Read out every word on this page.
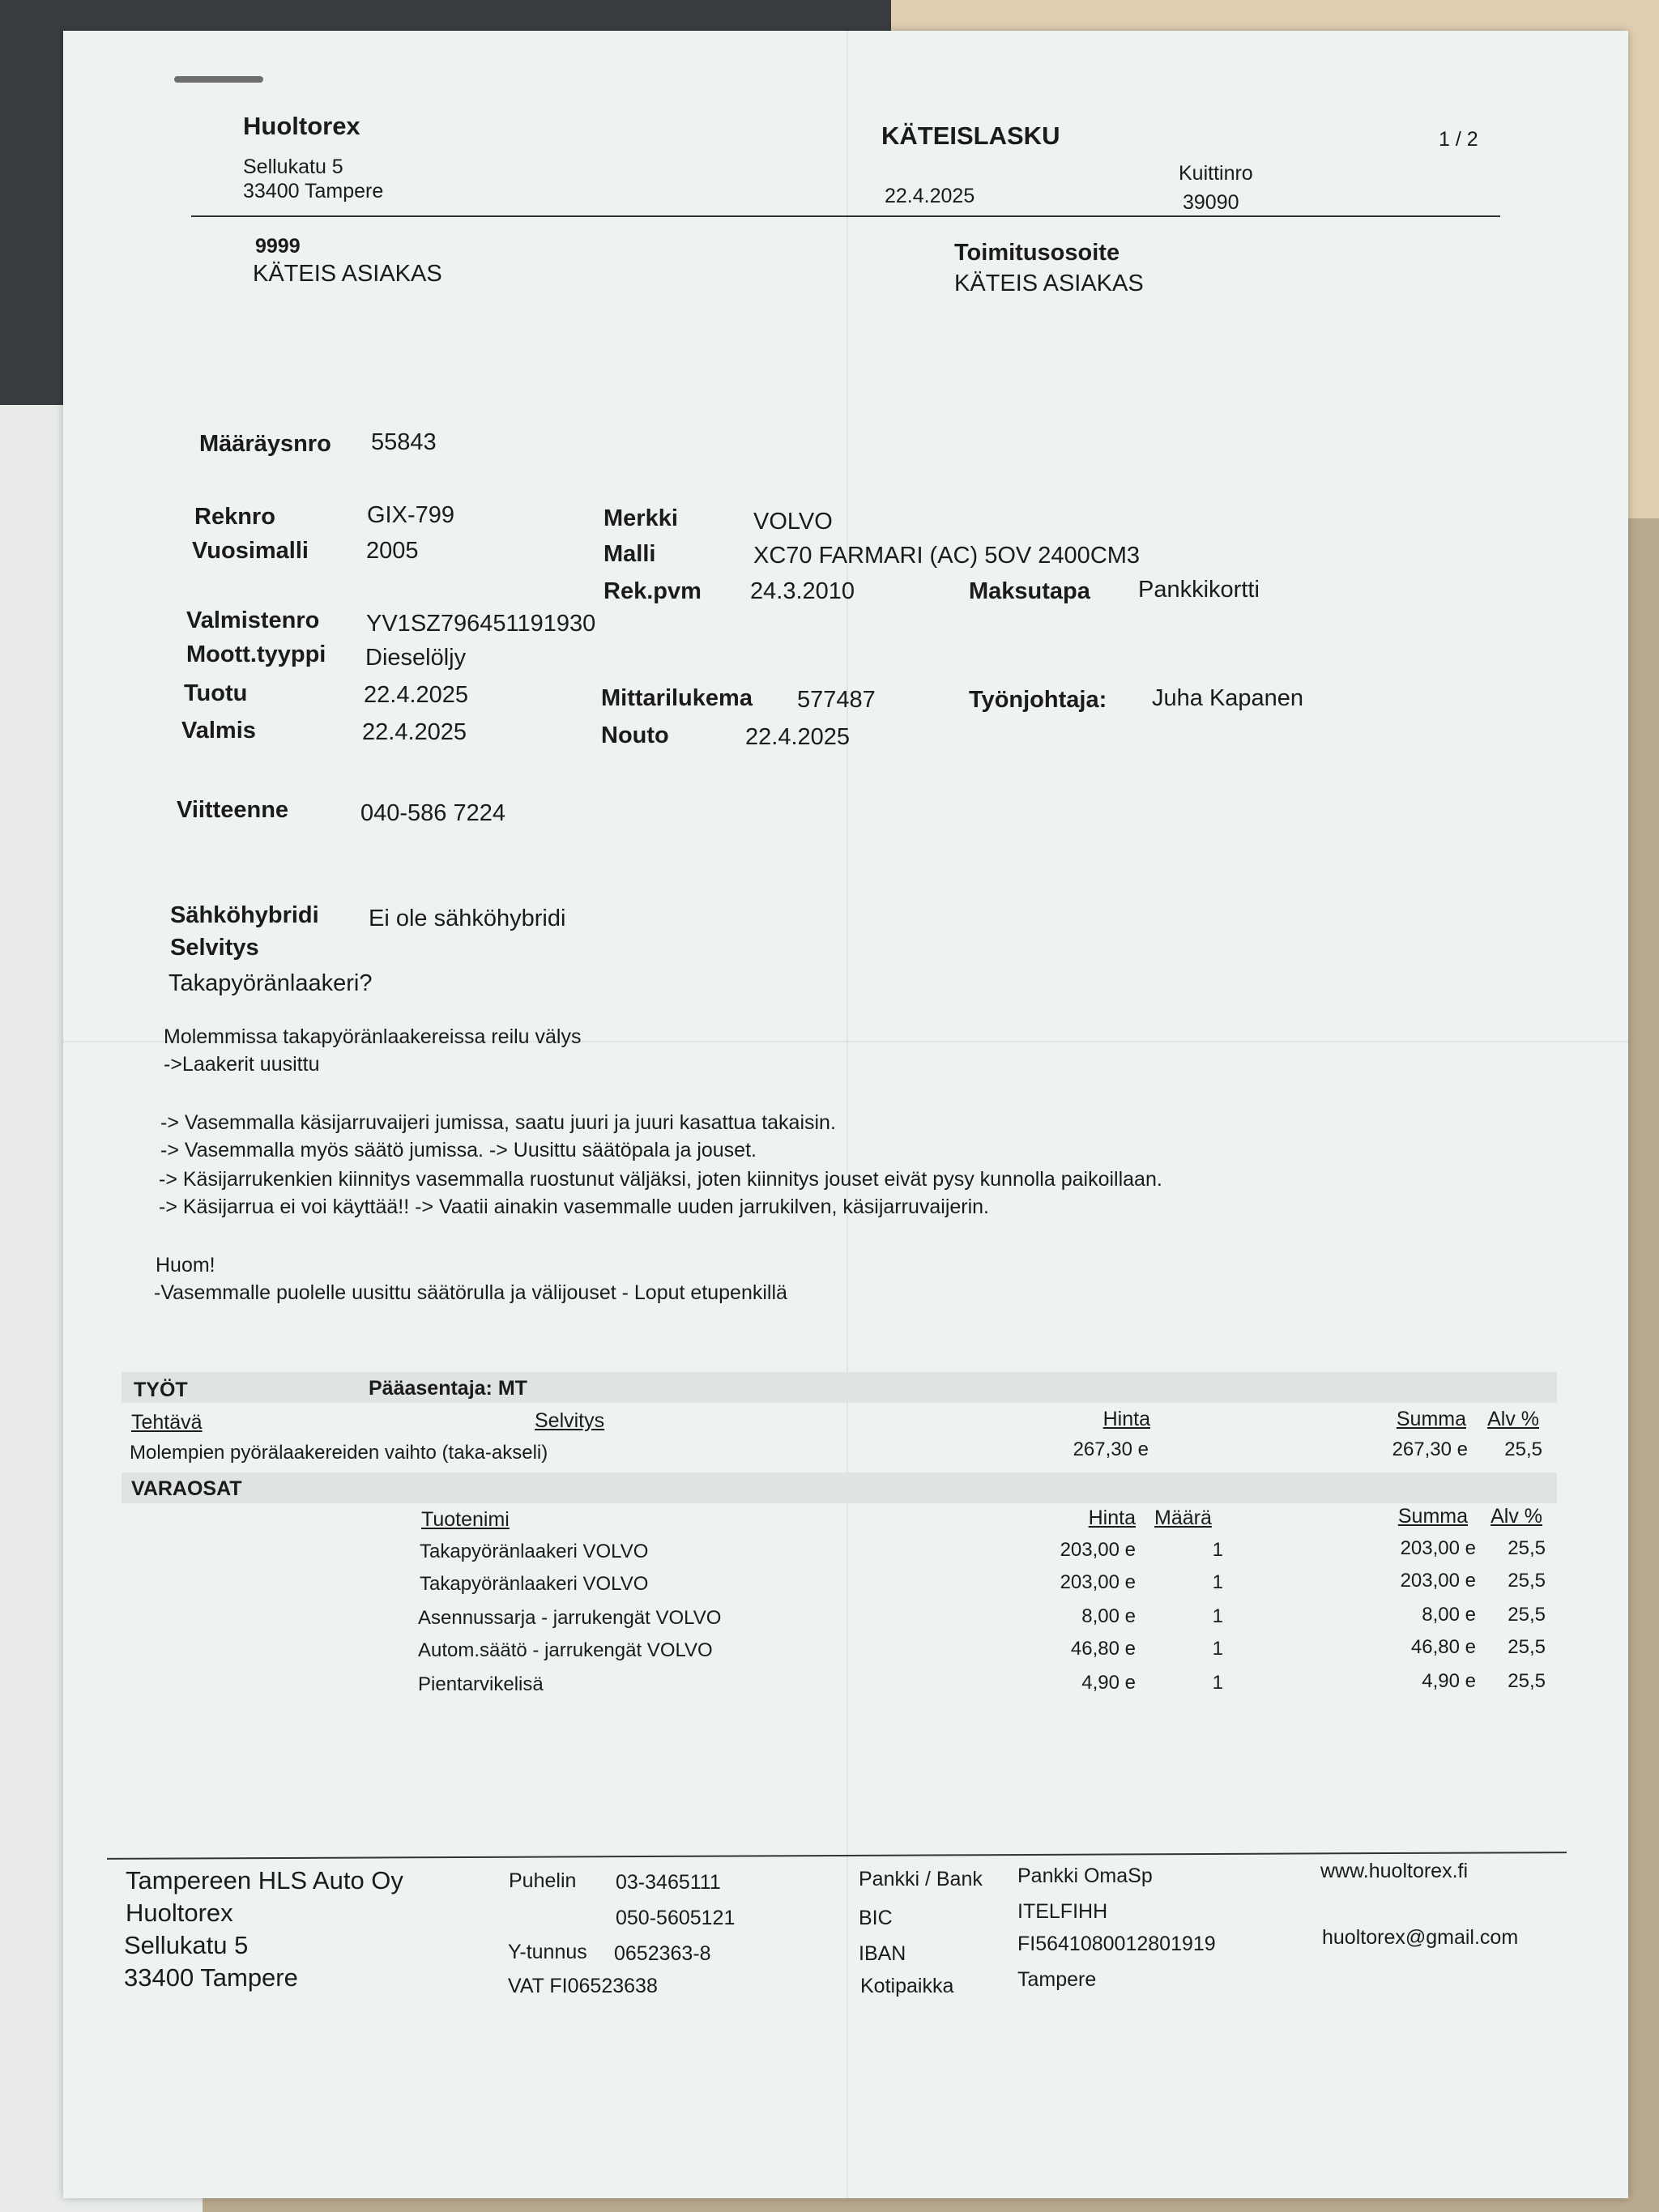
Huoltorex
Sellukatu 5
33400 Tampere
KÄTEISLASKU	1 / 2
22.4.2025
Kuittinro
39090
9999
KÄTEIS ASIAKAS
Toimitusosoite
KÄTEIS ASIAKAS
Määräysnro 55843
Reknro	GIX-799
Vuosimalli 2005
Merkki	VOLVO
Malli	XC70 FARMARI (AC) 5OV 2400CM3
Rek.pvm 24.3.2010	Maksutapa Pankkikortti
Valmistenro YV1SZ796451191930
Moott.tyyppi Dieselöljy
Tuotu	22.4.2025
Valmis	22.4.2025
Mittarilukema 577487
Nouto	22.4.2025
Työnjohtaja: Juha Kapanen
Viitteenne	040-586 7224
Sähköhybridi Ei ole sähköhybridi
Selvitys
Takapyöränlaakeri?
Molemmissa takapyöränlaakereissa reilu välys
->Laakerit uusittu
-> Vasemmalla käsijarruvaijeri jumissa, saatu juuri ja juuri kasattua takaisin.
-> Vasemmalla myös säätö jumissa. -> Uusittu säätöpala ja jouset.
-> Käsijarrukenkien kiinnitys vasemmalla ruostunut väljäksi, joten kiinnitys jouset eivät pysy kunnolla paikoillaan.
-> Käsijarrua ei voi käyttää!! -> Vaatii ainakin vasemmalle uuden jarrukilven, käsijarruvaijerin.
Huom!
-Vasemmalle puolelle uusittu säätörulla ja välijouset - Loput etupenkillä
TYÖT	Pääasentaja: MT
Tehtävä	Selvitys	Hinta	Summa	Alv %
Molempien pyörälaakereiden vaihto (taka-akseli)	267,30 e	267,30 e	25,5
VARAOSAT
Tuotenimi	Hinta Määrä	Summa	Alv %
Takapyöränlaakeri VOLVO	203,00 e	1	203,00 e	25,5
Takapyöränlaakeri VOLVO	203,00 e	1	203,00 e	25,5
Asennussarja - jarrukengät VOLVO	8,00 e	1	8,00 e	25,5
Autom.säätö - jarrukengät VOLVO	46,80 e	1	46,80 e	25,5
Pientarvikelisä	4,90 e	1	4,90 e	25,5
Tampereen HLS Auto Oy
Huoltorex
Sellukatu 5
33400 Tampere
Puhelin 03-3465111
050-5605121
Y-tunnus 0652363-8
VAT FI06523638
Pankki / Bank Pankki OmaSp
BIC	ITELFIHH
IBAN	FI5641080012801919
Kotipaikka	Tampere
www.huoltorex.fi
huoltorex@gmail.com
